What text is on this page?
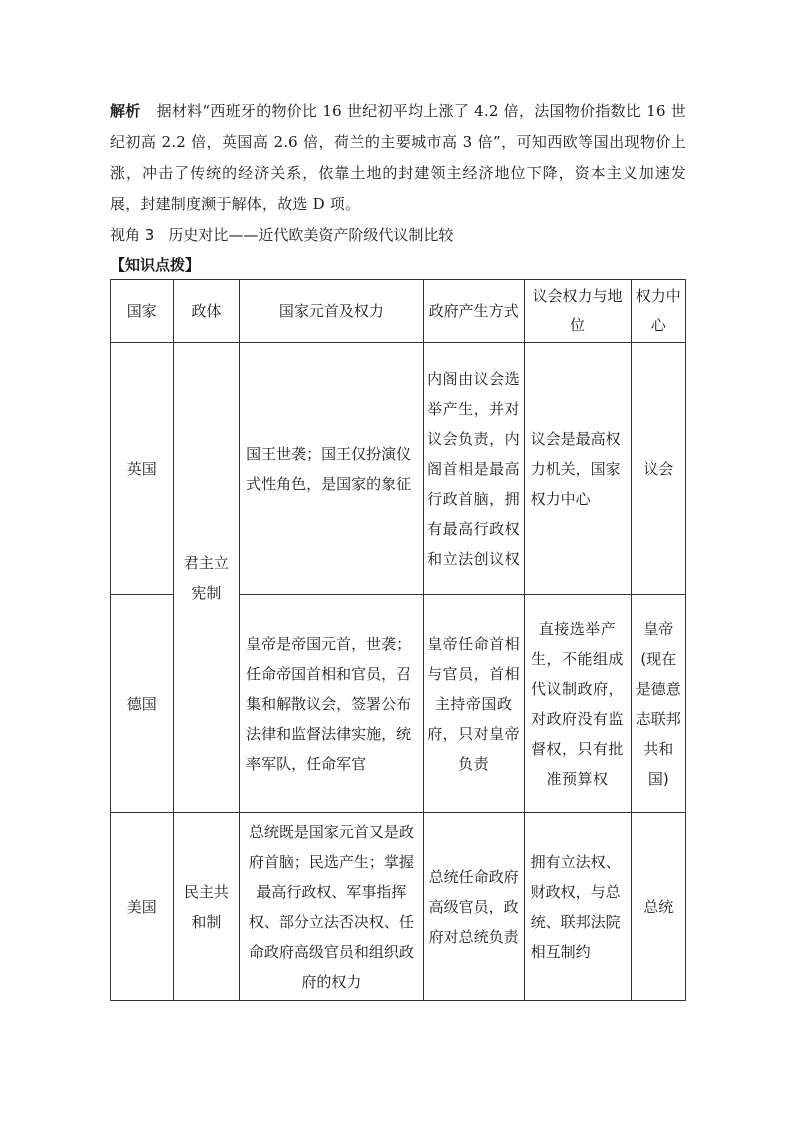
解析 据材料“西班牙的物价比 16 世纪初平均上涨了 4.2 倍，法国物价指数比 16 世纪初高 2.2 倍，英国高 2.6 倍，荷兰的主要城市高 3 倍”，可知西欧等国出现物价上涨，冲击了传统的经济关系，依靠土地的封建领主经济地位下降，资本主义加速发展，封建制度濒于解体，故选 D 项。
视角 3 历史对比——近代欧美资产阶级代议制比较
【知识点拨】
国家	政体	国家元首及权力	政府产生方式	议会权力与地位	权力中心
英国	君主立宪制	国王世袭；国王仅扮演仪式性角色，是国家的象征	内阁由议会选举产生，并对议会负责，内阁首相是最高行政首脑，拥有最高行政权和立法创议权	议会是最高权力机关，国家权力中心	议会
德国		皇帝是帝国元首，世袭；任命帝国首相和官员，召集和解散议会，签署公布法律和监督法律实施，统率军队，任命军官	皇帝任命首相与官员，首相主持帝国政府，只对皇帝负责	直接选举产生，不能组成代议制政府，对政府没有监督权，只有批准预算权	皇帝(现在是德意志联邦共和国)
美国	民主共和制	总统既是国家元首又是政府首脑；民选产生；掌握最高行政权、军事指挥权、部分立法否决权、任命政府高级官员和组织政府的权力	总统任命政府高级官员，政府对总统负责	拥有立法权、财政权，与总统、联邦法院相互制约	总统
